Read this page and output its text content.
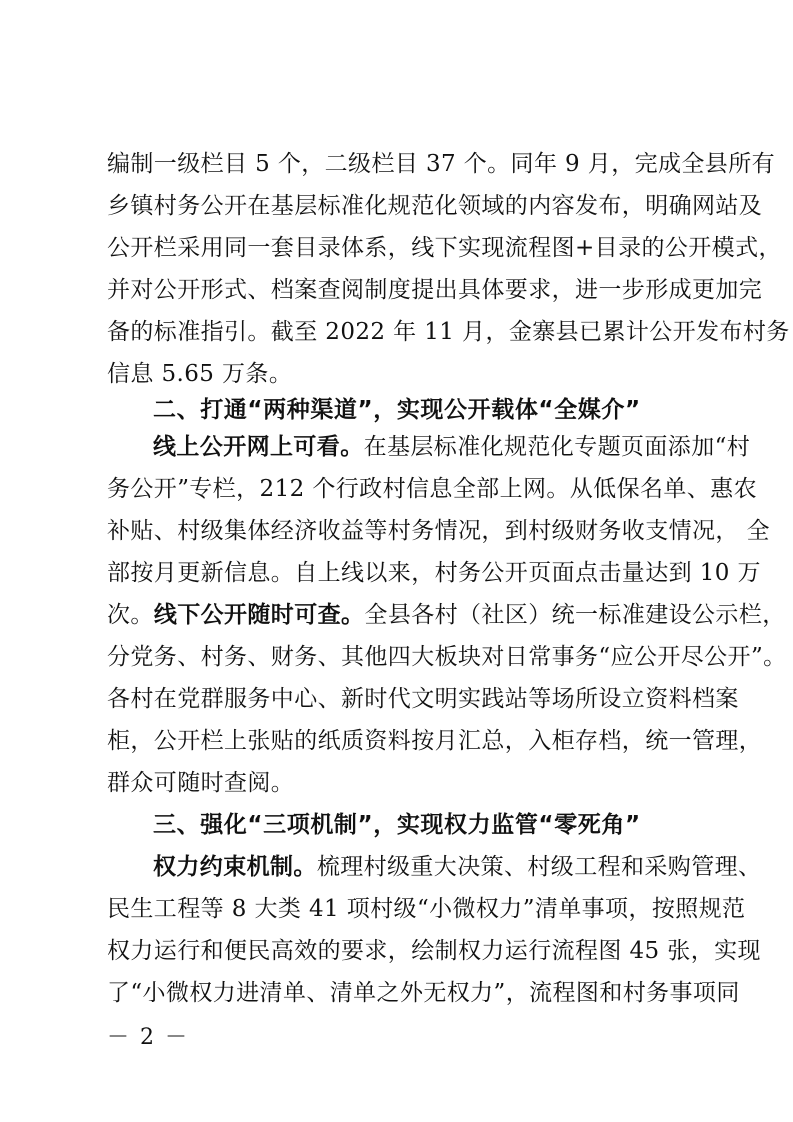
编制一级栏目 5 个，二级栏目 37 个。同年 9 月，完成全县所有
乡镇村务公开在基层标准化规范化领域的内容发布，明确网站及
公开栏采用同一套目录体系，线下实现流程图+目录的公开模式，
并对公开形式、档案查阅制度提出具体要求，进一步形成更加完
备的标准指引。截至 2022 年 11 月，金寨县已累计公开发布村务
信息 5.65 万条。
二、打通“两种渠道”，实现公开载体“全媒介”
线上公开网上可看。在基层标准化规范化专题页面添加“村
务公开”专栏，212 个行政村信息全部上网。从低保名单、惠农
补贴、村级集体经济收益等村务情况，到村级财务收支情况， 全
部按月更新信息。自上线以来，村务公开页面点击量达到 10 万
次。线下公开随时可查。全县各村（社区）统一标准建设公示栏，
分党务、村务、财务、其他四大板块对日常事务“应公开尽公开”。
各村在党群服务中心、新时代文明实践站等场所设立资料档案
柜，公开栏上张贴的纸质资料按月汇总，入柜存档，统一管理，
群众可随时查阅。
三、强化“三项机制”，实现权力监管“零死角”
权力约束机制。梳理村级重大决策、村级工程和采购管理、
民生工程等 8 大类 41 项村级“小微权力”清单事项，按照规范
权力运行和便民高效的要求，绘制权力运行流程图 45 张，实现
了“小微权力进清单、清单之外无权力”，流程图和村务事项同
－ 2 －
